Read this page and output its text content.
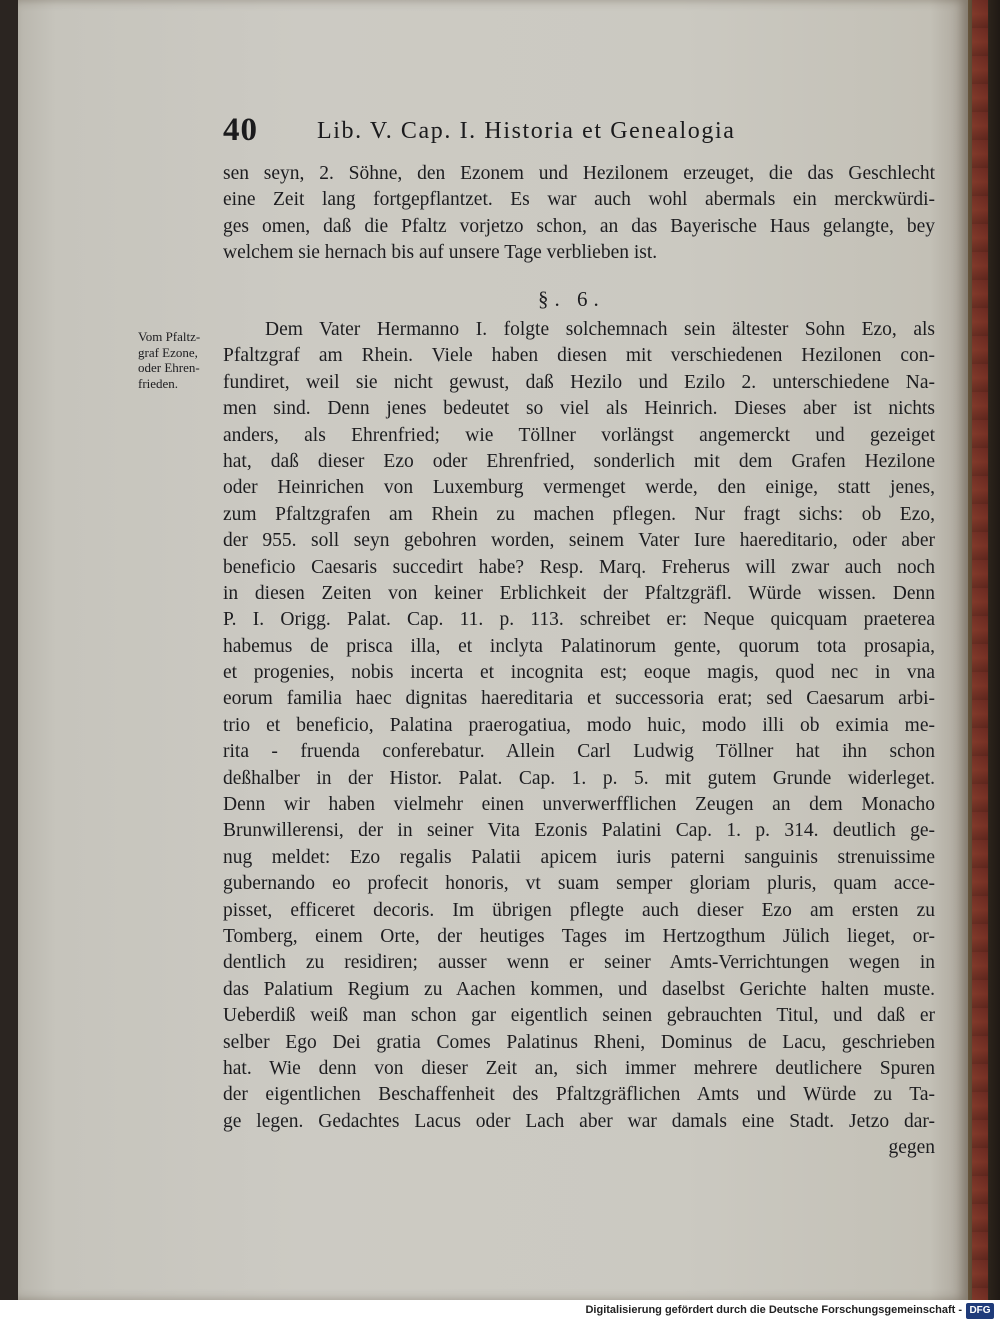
40 Lib. V. Cap. I. Historia et Genealogia
sen seyn, 2. Söhne, den Ezonem und Hezilonem erzeuget, die das Geschlecht
eine Zeit lang fortgepflantzet. Es war auch wohl abermals ein merckwürdi-
ges omen, daß die Pfaltz vorjetzo schon, an das Bayerische Haus gelangte, bey
welchem sie hernach bis auf unsere Tage verblieben ist.
§. 6.
Vom Pfaltz-
graf Ezone,
oder Ehren-
frieden.
Dem Vater Hermanno I. folgte solchemnach sein ältester Sohn Ezo, als
Pfaltzgraf am Rhein. Viele haben diesen mit verschiedenen Hezilonen con-
fundiret, weil sie nicht gewust, daß Hezilo und Ezilo 2. unterschiedene Na-
men sind. Denn jenes bedeutet so viel als Heinrich. Dieses aber ist nichts
anders, als Ehrenfried; wie Töllner vorlängst angemerckt und gezeiget
hat, daß dieser Ezo oder Ehrenfried, sonderlich mit dem Grafen Hezilone
oder Heinrichen von Luxemburg vermenget werde, den einige, statt jenes,
zum Pfaltzgrafen am Rhein zu machen pflegen. Nur fragt sichs: ob Ezo,
der 955. soll seyn gebohren worden, seinem Vater Iure haereditario, oder aber
beneficio Caesaris succedirt habe? Resp. Marq. Freherus will zwar auch noch
in diesen Zeiten von keiner Erblichkeit der Pfaltzgräfl. Würde wissen. Denn
P. I. Origg. Palat. Cap. 11. p. 113. schreibet er: Neque quicquam praeterea
habemus de prisca illa, et inclyta Palatinorum gente, quorum tota prosapia,
et progenies, nobis incerta et incognita est; eoque magis, quod nec in vna
eorum familia haec dignitas haereditaria et successoria erat; sed Caesarum arbi-
trio et beneficio, Palatina praerogatiua, modo huic, modo illi ob eximia me-
rita - fruenda conferebatur. Allein Carl Ludwig Töllner hat ihn schon
deßhalber in der Histor. Palat. Cap. 1. p. 5. mit gutem Grunde widerleget.
Denn wir haben vielmehr einen unverwerfflichen Zeugen an dem Monacho
Brunwillerensi, der in seiner Vita Ezonis Palatini Cap. 1. p. 314. deutlich ge-
nug meldet: Ezo regalis Palatii apicem iuris paterni sanguinis strenuissime
gubernando eo profecit honoris, vt suam semper gloriam pluris, quam acce-
pisset, efficeret decoris. Im übrigen pflegte auch dieser Ezo am ersten zu
Tomberg, einem Orte, der heutiges Tages im Hertzogthum Jülich lieget, or-
dentlich zu residiren; ausser wenn er seiner Amts-Verrichtungen wegen in
das Palatium Regium zu Aachen kommen, und daselbst Gerichte halten muste.
Ueberdiß weiß man schon gar eigentlich seinen gebrauchten Titul, und daß er
selber Ego Dei gratia Comes Palatinus Rheni, Dominus de Lacu, geschrieben
hat. Wie denn von dieser Zeit an, sich immer mehrere deutlichere Spuren
der eigentlichen Beschaffenheit des Pfaltzgräflichen Amts und Würde zu Ta-
ge legen. Gedachtes Lacus oder Lach aber war damals eine Stadt. Jetzo dar-
gegen
Digitalisierung gefördert durch die Deutsche Forschungsgemeinschaft - DFG
